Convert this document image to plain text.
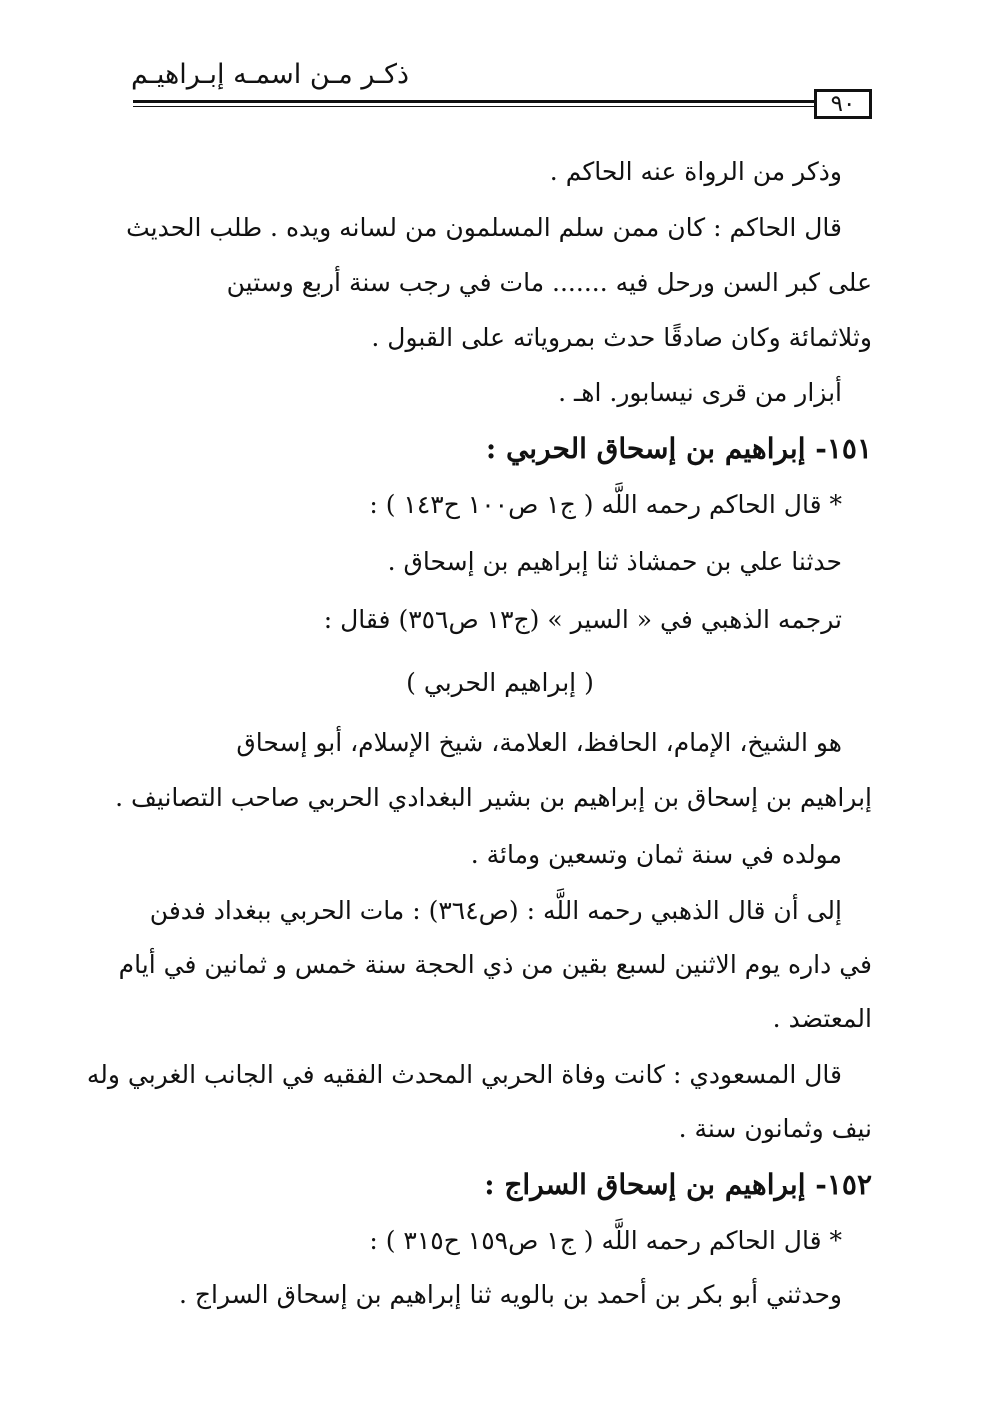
ذكـر مـن اسمـه إبـراهيـم
٩٠
وذكر من الرواة عنه الحاكم .
قال الحاكم : كان ممن سلم المسلمون من لسانه ويده . طلب الحديث
على كبر السن ورحل فيه ....... مات في رجب سنة أربع وستين
وثلاثمائة وكان صادقًا حدث بمروياته على القبول .
أبزار من قرى نيسابور. اهـ .
١٥١- إبراهيم بن إسحاق الحربي :
* قال الحاكم رحمه اللَّه ( ج١ ص١٠٠ ح١٤٣ ) :
حدثنا علي بن حمشاذ ثنا إبراهيم بن إسحاق .
ترجمه الذهبي في « السير » (ج١٣ ص٣٥٦) فقال :
( إبراهيم الحربي )
هو الشيخ، الإمام، الحافظ، العلامة، شيخ الإسلام، أبو إسحاق
إبراهيم بن إسحاق بن إبراهيم بن بشير البغدادي الحربي صاحب التصانيف .
مولده في سنة ثمان وتسعين ومائة .
إلى أن قال الذهبي رحمه اللَّه : (ص٣٦٤) : مات الحربي ببغداد فدفن
في داره يوم الاثنين لسبع بقين من ذي الحجة سنة خمس و ثمانين في أيام
المعتضد .
قال المسعودي : كانت وفاة الحربي المحدث الفقيه في الجانب الغربي وله
نيف وثمانون سنة .
١٥٢- إبراهيم بن إسحاق السراج :
* قال الحاكم رحمه اللَّه ( ج١ ص١٥٩ ح٣١٥ ) :
وحدثني أبو بكر بن أحمد بن بالويه ثنا إبراهيم بن إسحاق السراج .
